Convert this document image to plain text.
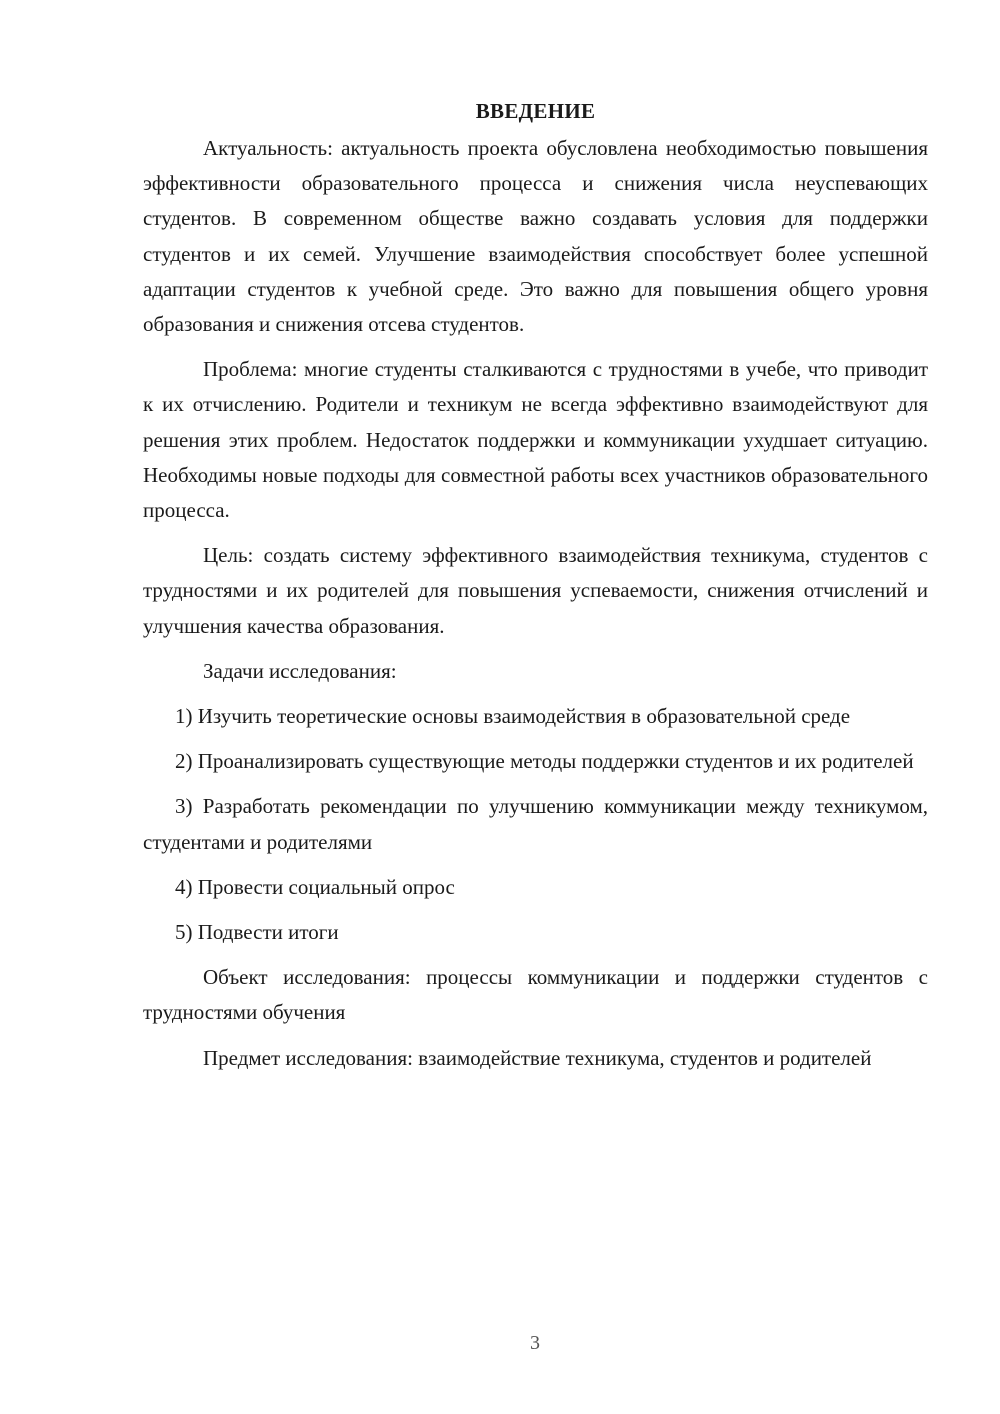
ВВЕДЕНИЕ

Актуальность: актуальность проекта обусловлена необходимостью повышения эффективности образовательного процесса и снижения числа неуспевающих студентов. В современном обществе важно создавать условия для поддержки студентов и их семей. Улучшение взаимодействия способствует более успешной адаптации студентов к учебной среде. Это важно для повышения общего уровня образования и снижения отсева студентов.

Проблема: многие студенты сталкиваются с трудностями в учебе, что приводит к их отчислению. Родители и техникум не всегда эффективно взаимодействуют для решения этих проблем. Недостаток поддержки и коммуникации ухудшает ситуацию. Необходимы новые подходы для совместной работы всех участников образовательного процесса.

Цель: создать систему эффективного взаимодействия техникума, студентов с трудностями и их родителей для повышения успеваемости, снижения отчислений и улучшения качества образования.

Задачи исследования:

1) Изучить теоретические основы взаимодействия в образовательной среде

2) Проанализировать существующие методы поддержки студентов и их родителей

3) Разработать рекомендации по улучшению коммуникации между техникумом, студентами и родителями

4) Провести социальный опрос

5) Подвести итоги

Объект исследования: процессы коммуникации и поддержки студентов с трудностями обучения

Предмет исследования: взаимодействие техникума, студентов и родителей

3
